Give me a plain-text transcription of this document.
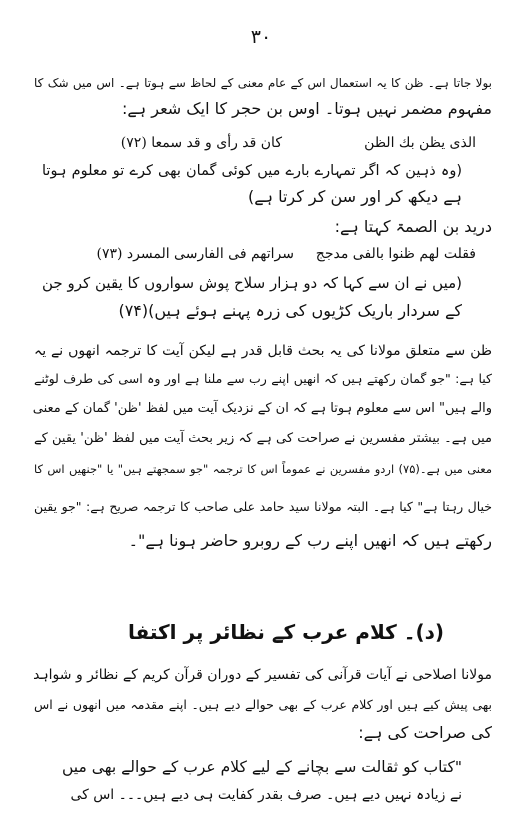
۳۰
بولا جاتا ہے۔ ظن کا یہ استعمال اس کے عام معنی کے لحاظ سے ہوتا ہے۔ اس میں شک کا
مفہوم مضمر نہیں ہوتا۔ اوس بن حجر کا ایک شعر ہے:
الذی یظن بك الظن
كان قد رأى و قد سمعا (۷۲)
(وہ ذہین کہ اگر تمہارے بارے میں کوئی گمان بھی کرے تو معلوم ہوتا
ہے دیکھ کر اور سن کر کرتا ہے)
درید بن الصمۃ کہتا ہے:
فقلت لهم ظنوا بالفى مدجج
سراتهم فى الفارسى المسرد (۷۳)
(میں نے ان سے کہا کہ دو ہزار سلاح پوش سواروں کا یقین کرو جن
کے سردار باریک کڑیوں کی زرہ پہنے ہوئے ہیں)(۷۴)
ظن سے متعلق مولانا کی یہ بحث قابل قدر ہے لیکن آیت کا ترجمہ انھوں نے یہ
کیا ہے: "جو گمان رکھتے ہیں کہ انھیں اپنے رب سے ملنا ہے اور وہ اسی کی طرف لوٹنے
والے ہیں" اس سے معلوم ہوتا ہے کہ ان کے نزدیک آیت میں لفظ 'ظن' گمان کے معنی
میں ہے۔ بیشتر مفسرین نے صراحت کی ہے کہ زیر بحث آیت میں لفظ 'ظن' یقین کے
معنی میں ہے۔(۷۵) اردو مفسرین نے عموماً اس کا ترجمہ "جو سمجھتے ہیں" یا "جنھیں اس کا
خیال رہتا ہے" کیا ہے۔ البتہ مولانا سید حامد علی صاحب کا ترجمہ صریح ہے: "جو یقین
رکھتے ہیں کہ انھیں اپنے رب کے روبرو حاضر ہونا ہے"۔
(د)۔ کلام عرب کے نظائر پر اکتفا
مولانا اصلاحی نے آیات قرآنی کی تفسیر کے دوران قرآن کریم کے نظائر و شواہد
بھی پیش کیے ہیں اور کلام عرب کے بھی حوالے دیے ہیں۔ اپنے مقدمہ میں انھوں نے اس
کی صراحت کی ہے:
"کتاب کو ثقالت سے بچانے کے لیے کلام عرب کے حوالے بھی میں
نے زیادہ نہیں دیے ہیں۔ صرف بقدر کفایت ہی دیے ہیں۔۔۔ اس کی
